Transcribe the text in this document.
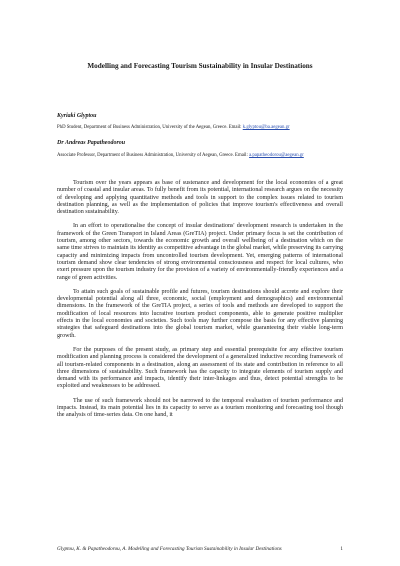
Modelling and Forecasting Tourism Sustainability in Insular Destinations
Kyriaki Glyptou
PhD Student, Department of Business Administration, University of the Aegean, Greece. Email: k.glyptou@ba.aegean.gr
Dr Andreas Papatheodorou
Associate Professor, Department of Business Administration, University of Aegean, Greece. Email: a.papatheodorou@aegean.gr

Tourism over the years appears as base of sustenance and development for the local economies of a great number of coastal and insular areas. To fully benefit from its potential, international research argues on the necessity of developing and applying quantitative methods and tools in support to the complex issues related to tourism destination planning, as well as the implementation of policies that improve tourism's effectiveness and overall destination sustainability.

In an effort to operationalise the concept of insular destinations' development research is undertaken in the framework of the Green Transport in Island Areas (GreTIA) project. Under primary focus is set the contribution of tourism, among other sectors, towards the economic growth and overall wellbeing of a destination which on the same time strives to maintain its identity as competitive advantage in the global market, while preserving its carrying capacity and minimizing impacts from uncontrolled tourism development. Yet, emerging patterns of international tourism demand show clear tendencies of strong environmental consciousness and respect for local cultures, who exert pressure upon the tourism industry for the provision of a variety of environmentally-friendly experiences and a range of green activities.

To attain such goals of sustainable profile and futures, tourism destinations should accrete and explore their developmental potential along all three, economic, social (employment and demographics) and environmental dimensions. In the framework of the GreTIA project, a series of tools and methods are developed to support the modification of local resources into lucrative tourism product components, able to generate positive multiplier effects in the local economies and societies. Such tools may further compose the basis for any effective planning strategies that safeguard destinations into the global tourism market, while guaranteeing their viable long-term growth.

For the purposes of the present study, as primary step and essential prerequisite for any effective tourism modification and planning process is considered the development of a generalized inductive recording framework of all tourism-related components in a destination, along an assessment of its state and contribution in reference to all three dimensions of sustainability. Such framework has the capacity to integrate elements of tourism supply and demand with its performance and impacts, identify their inter-linkages and thus, detect potential strengths to be exploited and weaknesses to be addressed.

The use of such framework should not be narrowed to the temporal evaluation of tourism performance and impacts. Instead, its main potential lies in its capacity to serve as a tourism monitoring and forecasting tool though the analysis of time-series data. On one hand, it

Glyptou, K. & Papatheodorou, A. Modelling and Forecasting Tourism Sustainability in Insular Destinations	1
